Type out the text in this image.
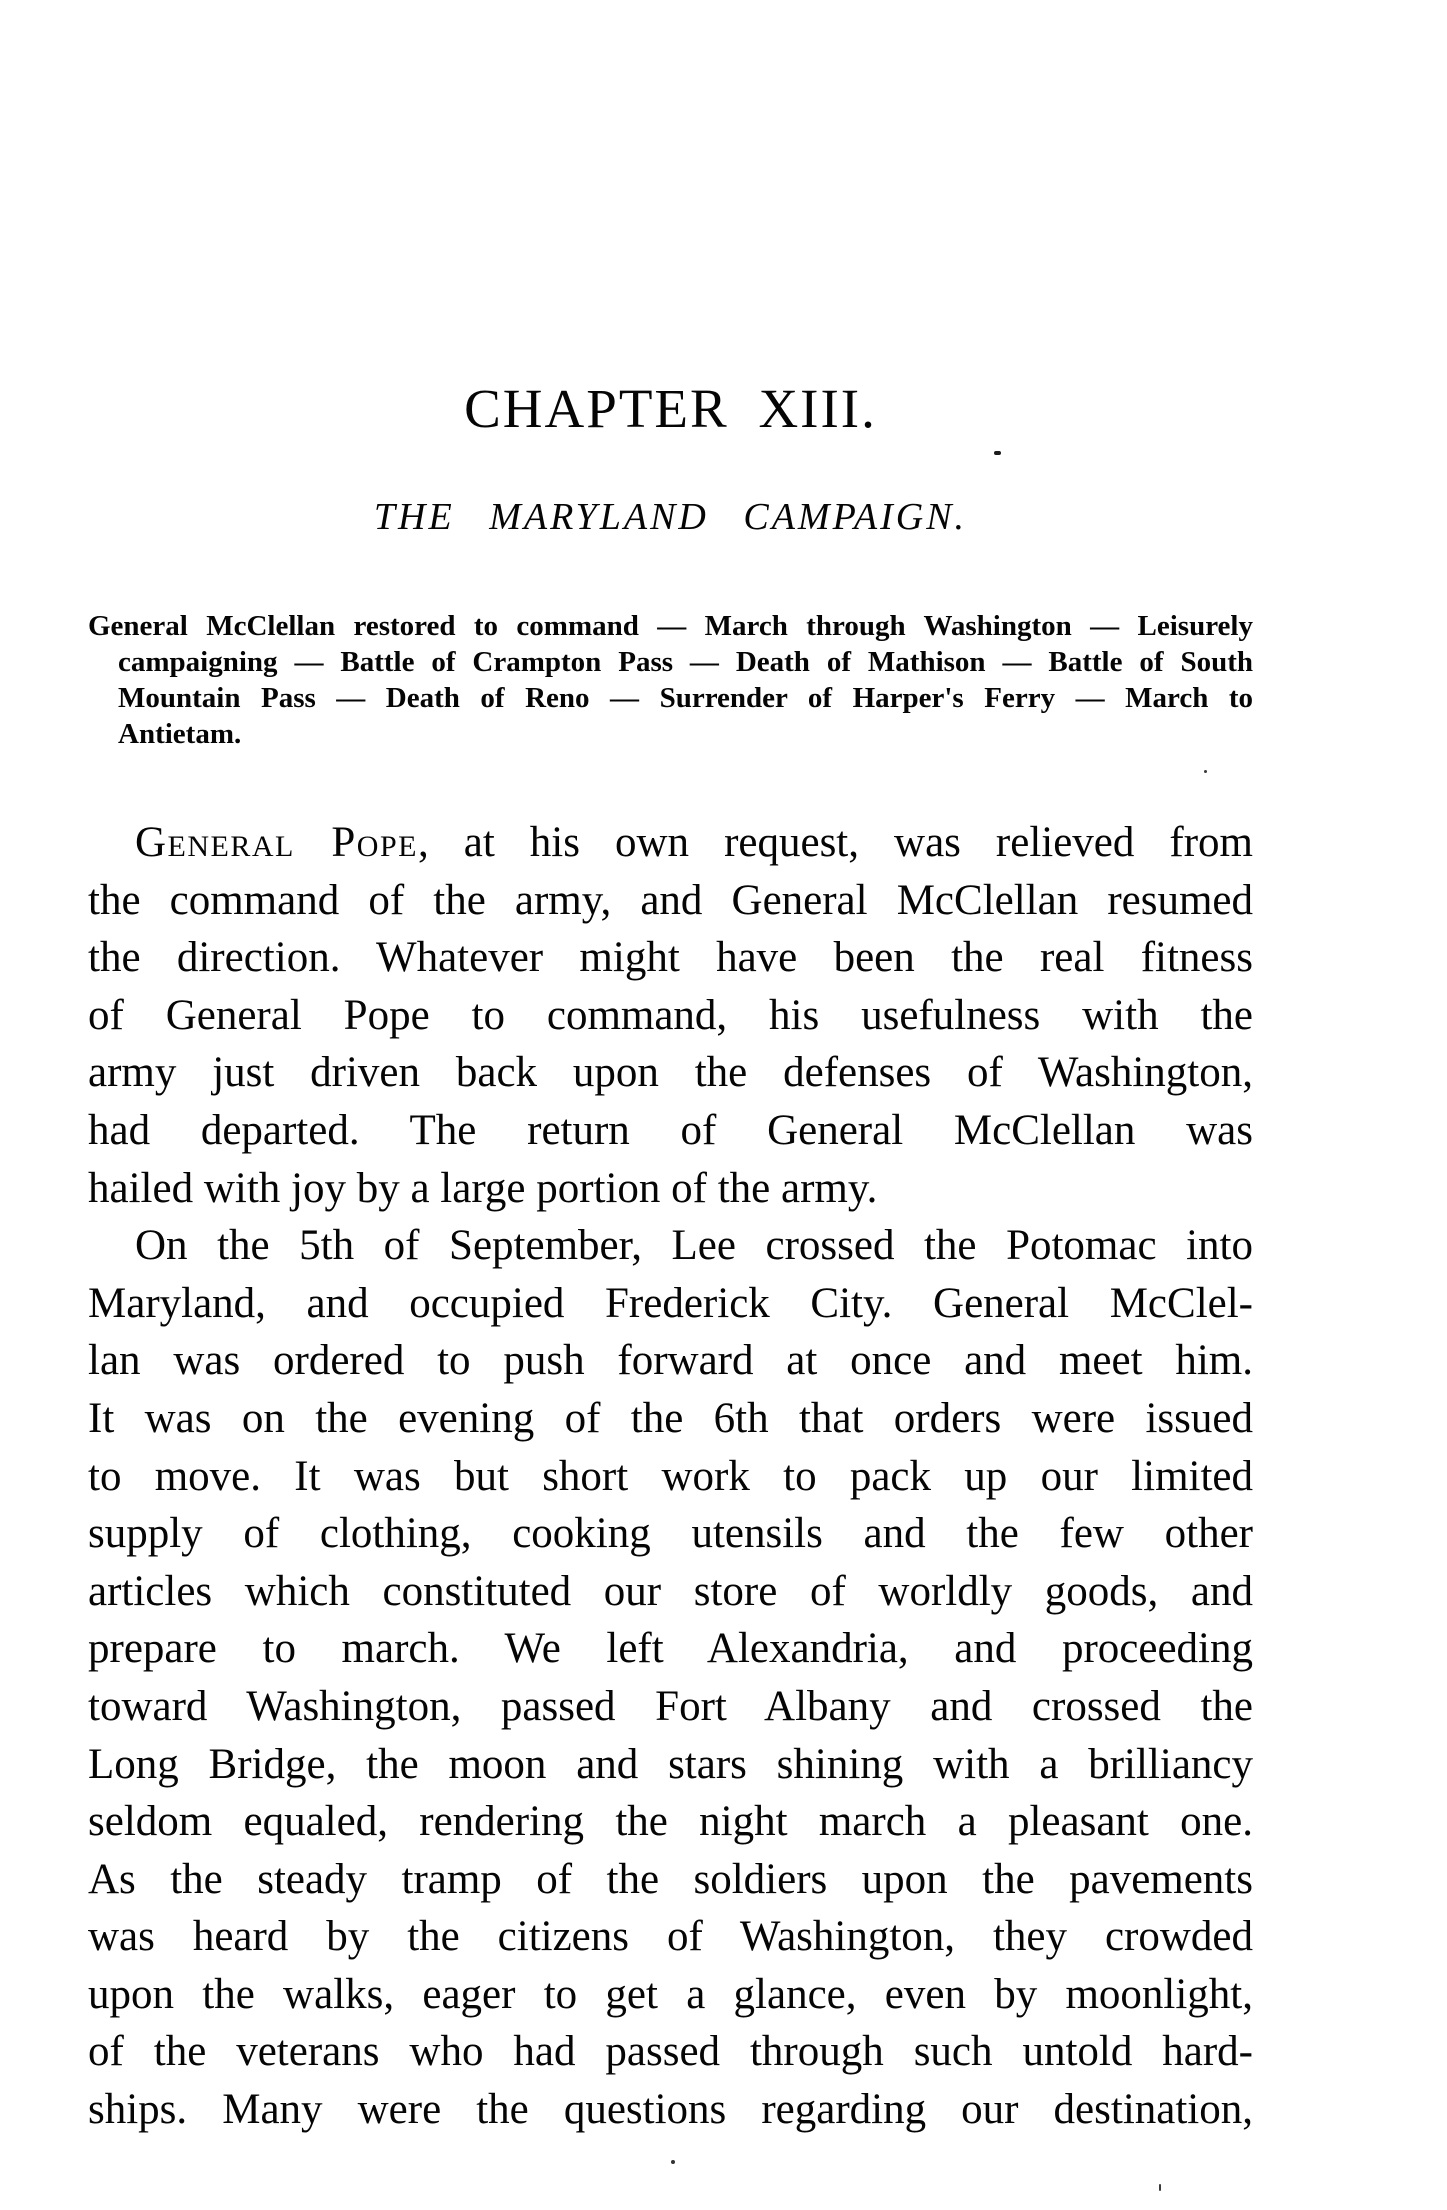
CHAPTER XIII.
THE MARYLAND CAMPAIGN.
General McClellan restored to command — March through Washington — Leisurely
campaigning — Battle of Crampton Pass — Death of Mathison — Battle of South
Mountain Pass — Death of Reno — Surrender of Harper's Ferry — March to
Antietam.
General Pope, at his own request, was relieved from
the command of the army, and General McClellan resumed
the direction. Whatever might have been the real fitness
of General Pope to command, his usefulness with the
army just driven back upon the defenses of Washington,
had departed. The return of General McClellan was
hailed with joy by a large portion of the army.
On the 5th of September, Lee crossed the Potomac into
Maryland, and occupied Frederick City. General McClel-
lan was ordered to push forward at once and meet him.
It was on the evening of the 6th that orders were issued
to move. It was but short work to pack up our limited
supply of clothing, cooking utensils and the few other
articles which constituted our store of worldly goods, and
prepare to march. We left Alexandria, and proceeding
toward Washington, passed Fort Albany and crossed the
Long Bridge, the moon and stars shining with a brilliancy
seldom equaled, rendering the night march a pleasant one.
As the steady tramp of the soldiers upon the pavements
was heard by the citizens of Washington, they crowded
upon the walks, eager to get a glance, even by moonlight,
of the veterans who had passed through such untold hard-
ships. Many were the questions regarding our destination,
